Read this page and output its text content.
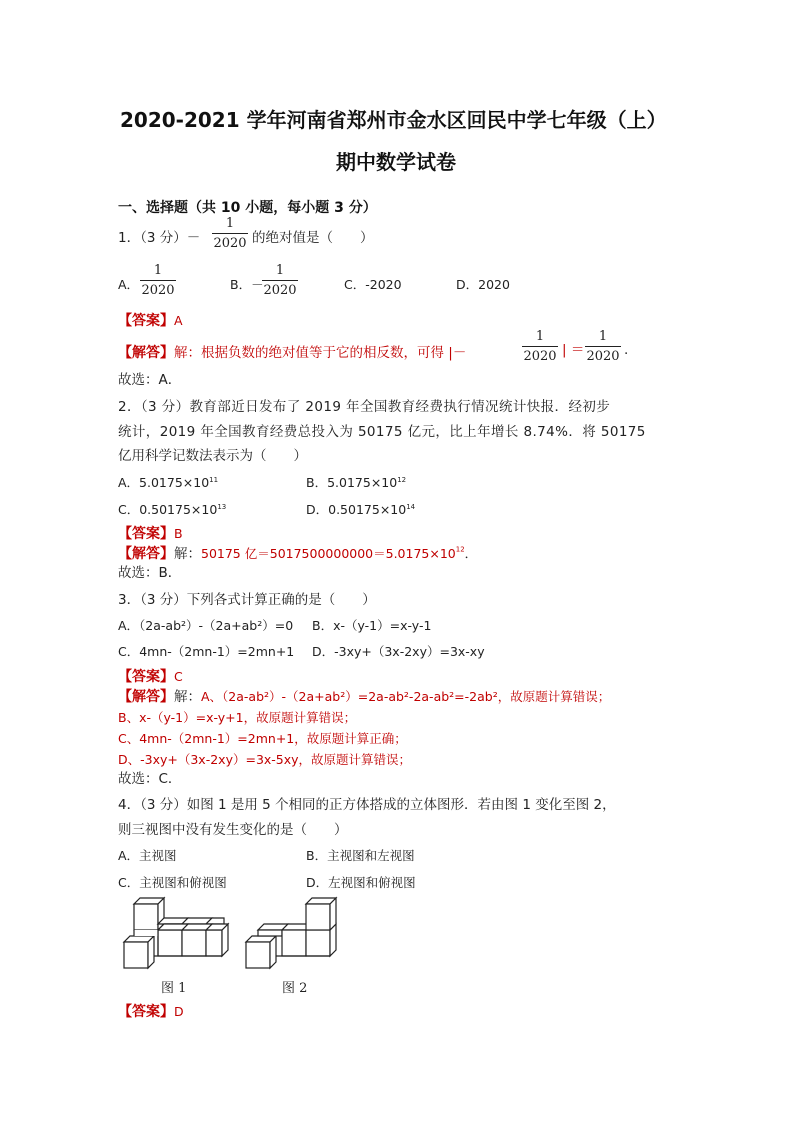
2020-2021 学年河南省郑州市金水区回民中学七年级（上）
期中数学试卷
一、选择题（共 10 小题，每小题 3 分）
1．（3 分）－
1
2020 的绝对值是（　　）
A．
1
2020	B．－
1
2020	C．-2020	D．2020
【答案】A
【解答】解：根据负数的绝对值等于它的相反数，可得 |－
1
2020 | ＝
1
2020 .
故选：A．
2．（3 分）教育部近日发布了 2019 年全国教育经费执行情况统计快报．经初步
统计，2019 年全国教育经费总投入为 50175 亿元，比上年增长 8.74%．将 50175
亿用科学记数法表示为（　　）
A．$5.0175\times 10^{11}$	B．$5.0175\times 10^{12}$
C．$0.50175\times 10^{13}$	D．$0.50175\times 10^{14}$
【答案】B
【解答】解：50175 亿$=5017500000000=5.0175\times 10^{12}$．
故选：B．
3．（3 分）下列各式计算正确的是（　　）
A．（2a-ab²）-（2a+ab²）=0 B．x-（y-1）=x-y-1
C．4mn-（2mn-1）=2mn+1 D．-3xy+（3x-2xy）=3x-xy
【答案】C
【解答】解：A、（2a-ab²）-（2a+ab²）=2a-ab²-2a-ab²=-2ab²，故原题计算错误；
B、x-（y-1）=x-y+1，故原题计算错误；
C、4mn-（2mn-1）=2mn+1，故原题计算正确；
D、-3xy+（3x-2xy）=3x-5xy，故原题计算错误；
故选：C．
4．（3 分）如图 1 是用 5 个相同的正方体搭成的立体图形．若由图 1 变化至图 2，
则三视图中没有发生变化的是（　　）
A．主视图	B．主视图和左视图
C．主视图和俯视图	D．左视图和俯视图
图 1	图 2
【答案】D
